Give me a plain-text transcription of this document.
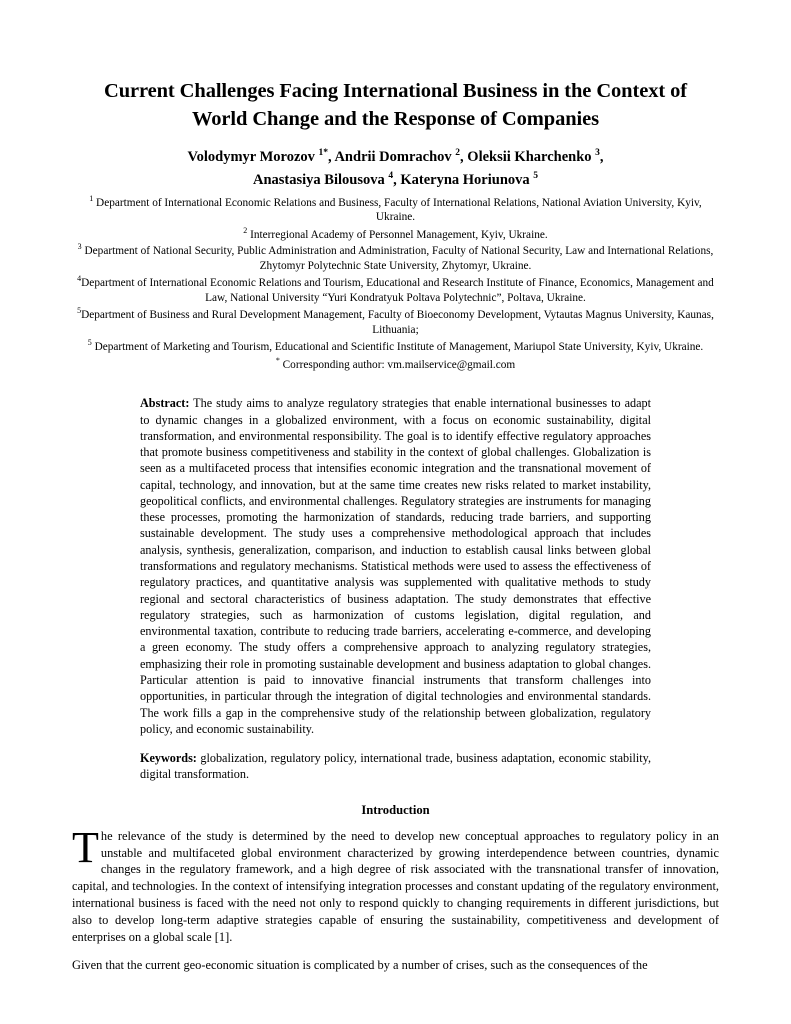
Current Challenges Facing International Business in the Context of World Change and the Response of Companies
Volodymyr Morozov $^{1*}$, Andrii Domrachov $^2$, Oleksii Kharchenko $^3$,
Anastasiya Bilousova $^4$, Kateryna Horiunova $^5$

$^1$ Department of International Economic Relations and Business, Faculty of International Relations, National Aviation University, Kyiv, Ukraine.

$^2$ Interregional Academy of Personnel Management, Kyiv, Ukraine.

$^3$ Department of National Security, Public Administration and Administration, Faculty of National Security, Law and International Relations, Zhytomyr Polytechnic State University, Zhytomyr, Ukraine.

$^4$Department of International Economic Relations and Tourism, Educational and Research Institute of Finance, Economics, Management and Law, National University “Yuri Kondratyuk Poltava Polytechnic”, Poltava, Ukraine.

$^5$Department of Business and Rural Development Management, Faculty of Bioeconomy Development, Vytautas Magnus University, Kaunas, Lithuania;

$^5$ Department of Marketing and Tourism, Educational and Scientific Institute of Management, Mariupol State University, Kyiv, Ukraine.

* Corresponding author: vm.mailservice@gmail.com

Abstract: The study aims to analyze regulatory strategies that enable international businesses to adapt to dynamic changes in a globalized environment, with a focus on economic sustainability, digital transformation, and environmental responsibility. The goal is to identify effective regulatory approaches that promote business competitiveness and stability in the context of global challenges. Globalization is seen as a multifaceted process that intensifies economic integration and the transnational movement of capital, technology, and innovation, but at the same time creates new risks related to market instability, geopolitical conflicts, and environmental challenges. Regulatory strategies are instruments for managing these processes, promoting the harmonization of standards, reducing trade barriers, and supporting sustainable development. The study uses a comprehensive methodological approach that includes analysis, synthesis, generalization, comparison, and induction to establish causal links between global transformations and regulatory mechanisms. Statistical methods were used to assess the effectiveness of regulatory practices, and quantitative analysis was supplemented with qualitative methods to study regional and sectoral characteristics of business adaptation. The study demonstrates that effective regulatory strategies, such as harmonization of customs legislation, digital regulation, and environmental taxation, contribute to reducing trade barriers, accelerating e-commerce, and developing a green economy. The study offers a comprehensive approach to analyzing regulatory strategies, emphasizing their role in promoting sustainable development and business adaptation to global changes. Particular attention is paid to innovative financial instruments that transform challenges into opportunities, in particular through the integration of digital technologies and environmental standards. The work fills a gap in the comprehensive study of the relationship between globalization, regulatory policy, and economic sustainability.
Keywords: globalization, regulatory policy, international trade, business adaptation, economic stability, digital transformation.
Introduction

The relevance of the study is determined by the need to develop new conceptual approaches to regulatory policy in an unstable and multifaceted global environment characterized by growing interdependence between countries, dynamic changes in the regulatory framework, and a high degree of risk associated with the transnational transfer of innovation, capital, and technologies. In the context of intensifying integration processes and constant updating of the regulatory environment, international business is faced with the need not only to respond quickly to changing requirements in different jurisdictions, but also to develop long-term adaptive strategies capable of ensuring the sustainability, competitiveness and development of enterprises on a global scale [1].

Given that the current geo-economic situation is complicated by a number of crises, such as the consequences of the
